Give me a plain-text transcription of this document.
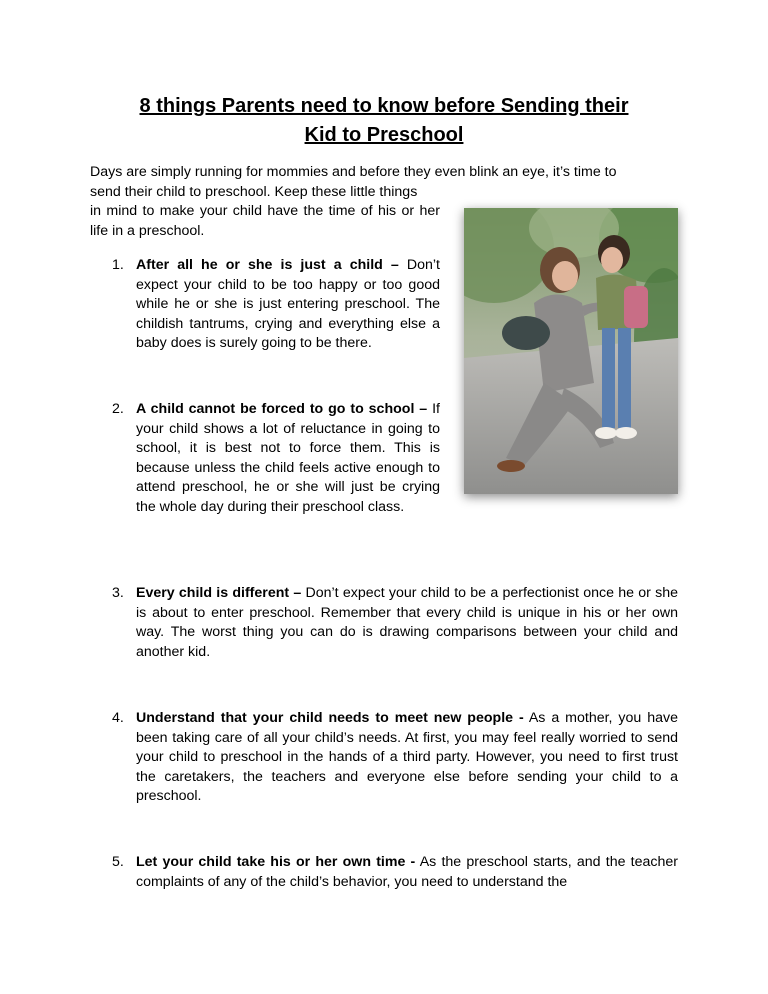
8 things Parents need to know before Sending their
Kid to Preschool

Days are simply running for mommies and before they even blink an eye, it’s time to
send their child to preschool. Keep these little things

in mind to make your child have the time of his or her life in a preschool.

1. After all he or she is just a child – Don’t expect your child to be too happy or too good while he or she is just entering preschool. The childish tantrums, crying and everything else a baby does is surely going to be there.
2. A child cannot be forced to go to school – If your child shows a lot of reluctance in going to school, it is best not to force them. This is because unless the child feels active enough to attend preschool, he or she will just be crying the whole day during their preschool class.
3. Every child is different – Don’t expect your child to be a perfectionist once he or she is about to enter preschool. Remember that every child is unique in his or her own way. The worst thing you can do is drawing comparisons between your child and another kid.
4. Understand that your child needs to meet new people - As a mother, you have been taking care of all your child’s needs. At first, you may feel really worried to send your child to preschool in the hands of a third party. However, you need to first trust the caretakers, the teachers and everyone else before sending your child to a preschool.
5. Let your child take his or her own time - As the preschool starts, and the teacher complaints of any of the child’s behavior, you need to understand the
